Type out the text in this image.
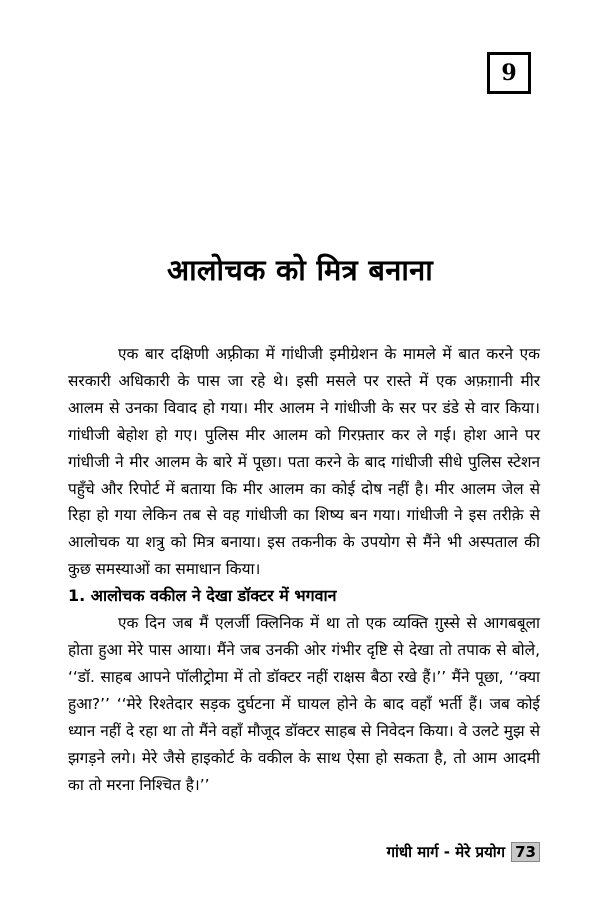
9
आलोचक को मित्र बनाना

एक बार दक्षिणी अफ़्रीका में गांधीजी इमीग्रेशन के मामले में बात करने एक सरकारी अधिकारी के पास जा रहे थे। इसी मसले पर रास्ते में एक अफ़ग़ानी मीर आलम से उनका विवाद हो गया। मीर आलम ने गांधीजी के सर पर डंडे से वार किया। गांधीजी बेहोश हो गए। पुलिस मीर आलम को गिरफ़्तार कर ले गई। होश आने पर गांधीजी ने मीर आलम के बारे में पूछा। पता करने के बाद गांधीजी सीधे पुलिस स्टेशन पहुँचे और रिपोर्ट में बताया कि मीर आलम का कोई दोष नहीं है। मीर आलम जेल से रिहा हो गया लेकिन तब से वह गांधीजी का शिष्य बन गया। गांधीजी ने इस तरीक़े से आलोचक या शत्रु को मित्र बनाया। इस तकनीक के उपयोग से मैंने भी अस्पताल की कुछ समस्याओं का समाधान किया।

1. आलोचक वकील ने देखा डॉक्टर में भगवान

एक दिन जब मैं एलर्जी क्लिनिक में था तो एक व्यक्ति ग़ुस्से से आगबबूला होता हुआ मेरे पास आया। मैंने जब उनकी ओर गंभीर दृष्टि से देखा तो तपाक से बोले, ‘‘डॉ. साहब आपने पॉलीट्रोमा में तो डॉक्टर नहीं राक्षस बैठा रखे हैं।’’ मैंने पूछा, ‘‘क्या हुआ?’’ ‘‘मेरे रिश्तेदार सड़क दुर्घटना में घायल होने के बाद वहाँ भर्ती हैं। जब कोई ध्यान नहीं दे रहा था तो मैंने वहाँ मौजूद डॉक्टर साहब से निवेदन किया। वे उलटे मुझ से झगड़ने लगे। मेरे जैसे हाइकोर्ट के वकील के साथ ऐसा हो सकता है, तो आम आदमी का तो मरना निश्चित है।’’

गांधी मार्ग - मेरे प्रयोग 73
